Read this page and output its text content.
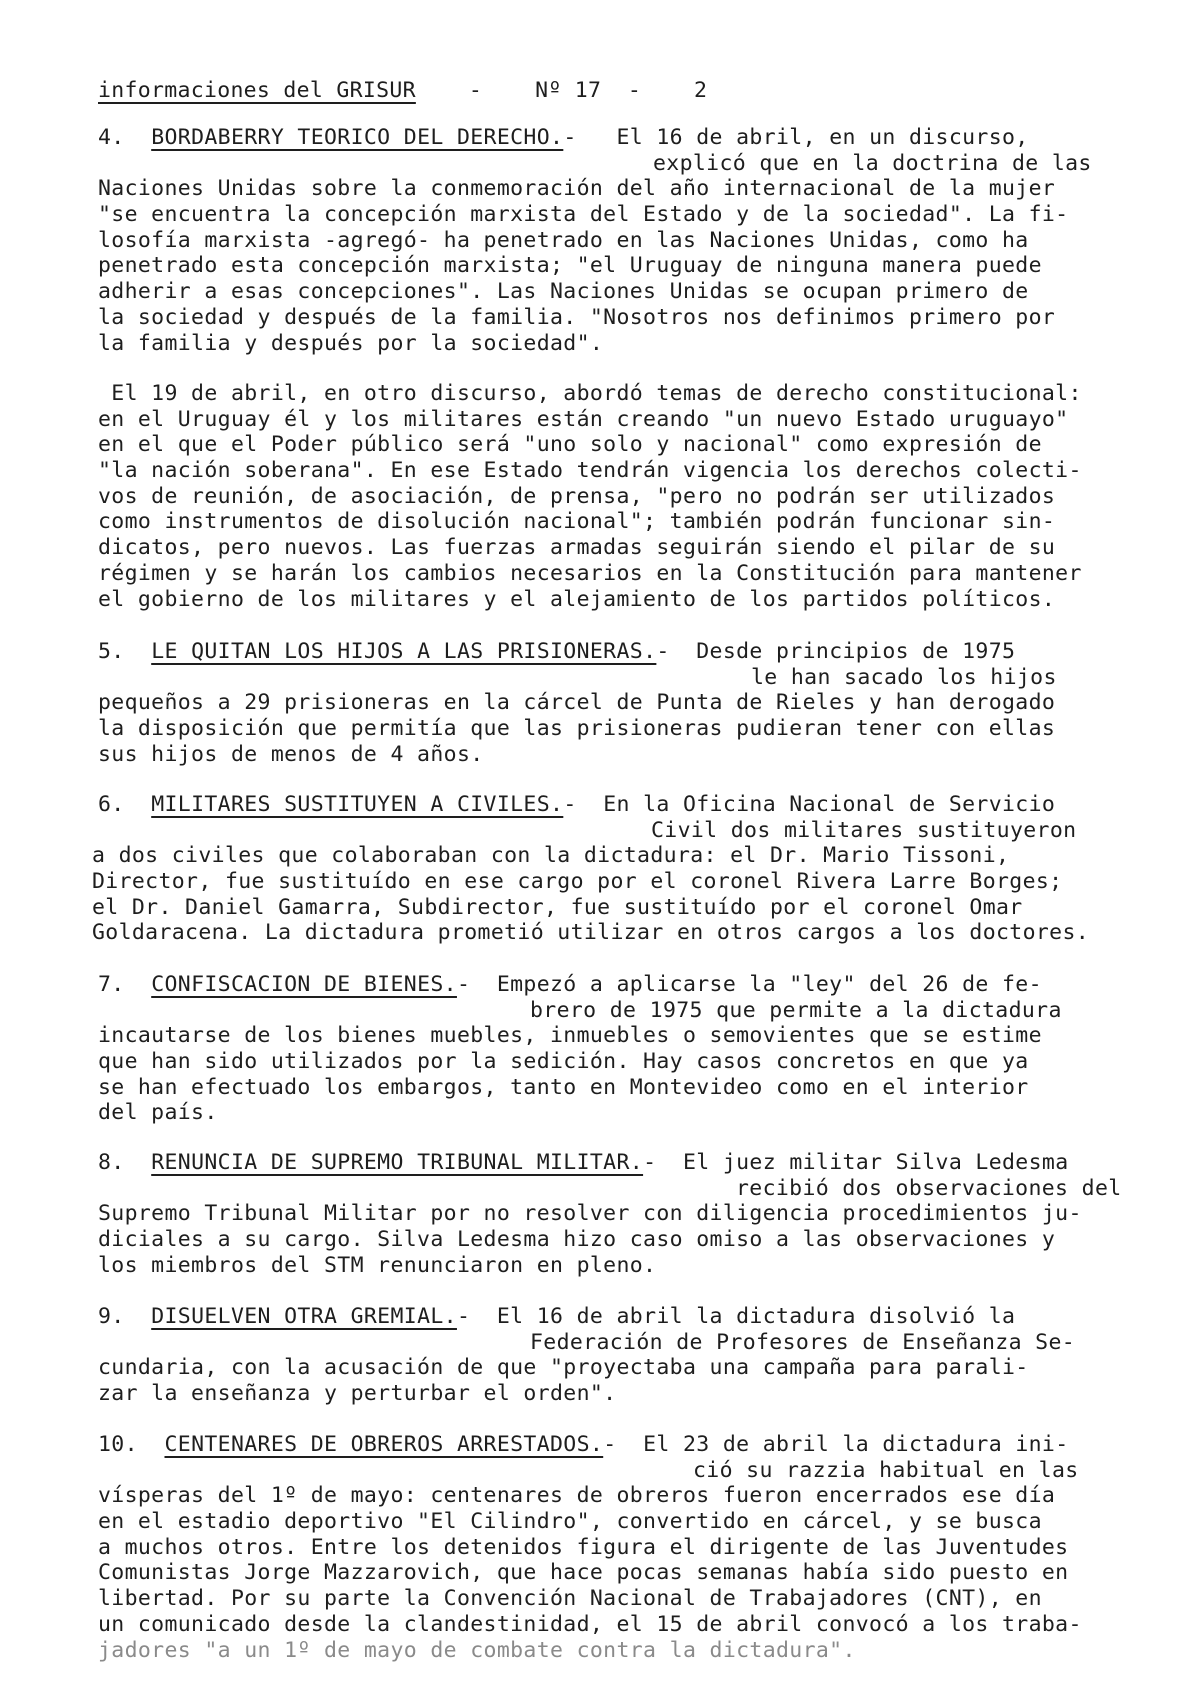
informaciones del GRISUR - Nº 17 - 2
4. BORDABERRY TEORICO DEL DERECHO.-   El 16 de abril, en un discurso,
explicó que en la doctrina de las
Naciones Unidas sobre la conmemoración del año internacional de la mujer
"se encuentra la concepción marxista del Estado y de la sociedad". La fi-
losofía marxista -agregó- ha penetrado en las Naciones Unidas, como ha
penetrado esta concepción marxista; "el Uruguay de ninguna manera puede
adherir a esas concepciones". Las Naciones Unidas se ocupan primero de
la sociedad y después de la familia. "Nosotros nos definimos primero por
la familia y después por la sociedad".
El 19 de abril, en otro discurso, abordó temas de derecho constitucional:
en el Uruguay él y los militares están creando "un nuevo Estado uruguayo"
en el que el Poder público será "uno solo y nacional" como expresión de
"la nación soberana". En ese Estado tendrán vigencia los derechos colecti-
vos de reunión, de asociación, de prensa, "pero no podrán ser utilizados
como instrumentos de disolución nacional"; también podrán funcionar sin-
dicatos, pero nuevos. Las fuerzas armadas seguirán siendo el pilar de su
régimen y se harán los cambios necesarios en la Constitución para mantener
el gobierno de los militares y el alejamiento de los partidos políticos.
5. LE QUITAN LOS HIJOS A LAS PRISIONERAS.-  Desde principios de 1975
le han sacado los hijos
pequeños a 29 prisioneras en la cárcel de Punta de Rieles y han derogado
la disposición que permitía que las prisioneras pudieran tener con ellas
sus hijos de menos de 4 años.
6. MILITARES SUSTITUYEN A CIVILES.-  En la Oficina Nacional de Servicio
Civil dos militares sustituyeron
a dos civiles que colaboraban con la dictadura: el Dr. Mario Tissoni,
Director, fue sustituído en ese cargo por el coronel Rivera Larre Borges;
el Dr. Daniel Gamarra, Subdirector, fue sustituído por el coronel Omar
Goldaracena. La dictadura prometió utilizar en otros cargos a los doctores.
7. CONFISCACION DE BIENES.-  Empezó a aplicarse la "ley" del 26 de fe-
brero de 1975 que permite a la dictadura
incautarse de los bienes muebles, inmuebles o semovientes que se estime
que han sido utilizados por la sedición. Hay casos concretos en que ya
se han efectuado los embargos, tanto en Montevideo como en el interior
del país.
8. RENUNCIA DE SUPREMO TRIBUNAL MILITAR.-  El juez militar Silva Ledesma
recibió dos observaciones del
Supremo Tribunal Militar por no resolver con diligencia procedimientos ju-
diciales a su cargo. Silva Ledesma hizo caso omiso a las observaciones y
los miembros del STM renunciaron en pleno.
9. DISUELVEN OTRA GREMIAL.-  El 16 de abril la dictadura disolvió la
Federación de Profesores de Enseñanza Se-
cundaria, con la acusación de que "proyectaba una campaña para parali-
zar la enseñanza y perturbar el orden".
10. CENTENARES DE OBREROS ARRESTADOS.-  El 23 de abril la dictadura ini-
ció su razzia habitual en las
vísperas del 1º de mayo: centenares de obreros fueron encerrados ese día
en el estadio deportivo "El Cilindro", convertido en cárcel, y se busca
a muchos otros. Entre los detenidos figura el dirigente de las Juventudes
Comunistas Jorge Mazzarovich, que hace pocas semanas había sido puesto en
libertad. Por su parte la Convención Nacional de Trabajadores (CNT), en
un comunicado desde la clandestinidad, el 15 de abril convocó a los traba-
jadores "a un 1º de mayo de combate contra la dictadura".
